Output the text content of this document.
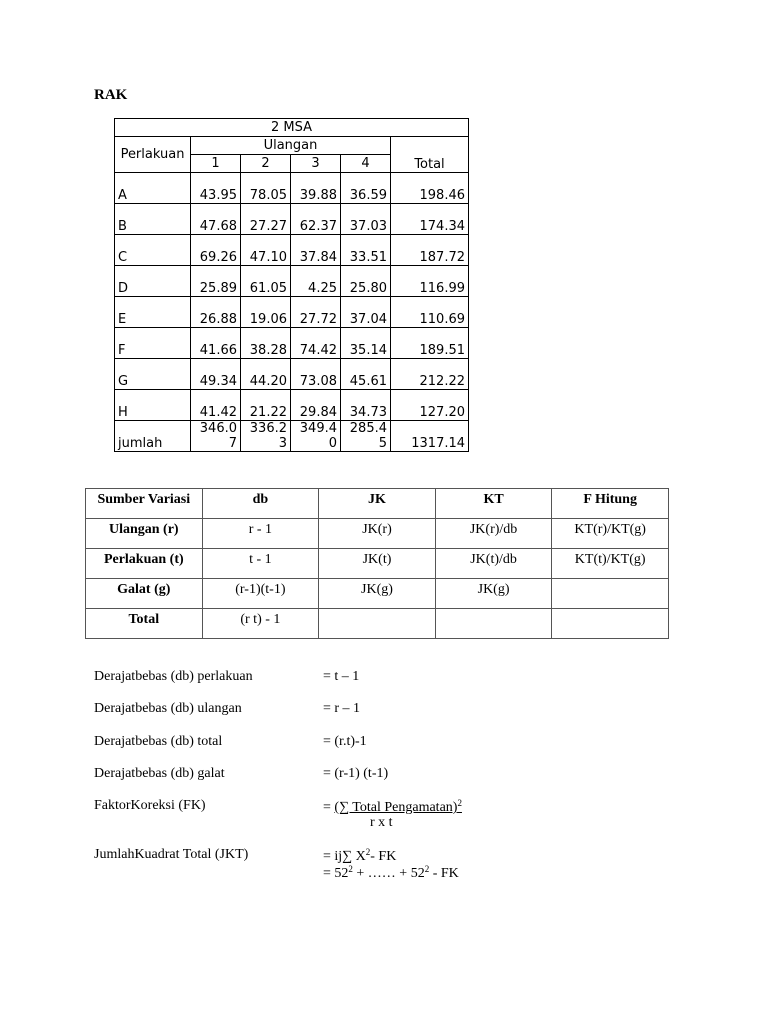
RAK
2 MSA					
Perlakuan	Ulangan				Total
	1	2	3	4	
A	43.95	78.05	39.88	36.59	198.46
B	47.68	27.27	62.37	37.03	174.34
C	69.26	47.10	37.84	33.51	187.72
D	25.89	61.05	4.25	25.80	116.99
E	26.88	19.06	27.72	37.04	110.69
F	41.66	38.28	74.42	35.14	189.51
G	49.34	44.20	73.08	45.61	212.22
H	41.42	21.22	29.84	34.73	127.20
jumlah	346.07	336.23	349.40	285.45	1317.14
Sumber Variasi	db	JK	KT	F Hitung
Ulangan (r)	r - 1	JK(r)	JK(r)/db	KT(r)/KT(g)
Perlakuan (t)	t - 1	JK(t)	JK(t)/db	KT(t)/KT(g)
Galat (g)	(r-1)(t-1)	JK(g)	JK(g)	
Total	(r t) - 1			
Derajatbebas (db) perlakuan	= t – 1
Derajatbebas (db) ulangan	= r – 1
Derajatbebas (db) total	= (r.t)-1
Derajatbebas (db) galat	= (r-1) (t-1)
FaktorKoreksi (FK)	= (∑ Total Pengamatan)$^2$
r x t
JumlahKuadrat Total (JKT)	= ij∑ $X^2-$ FK
= $52^2$ + …… + $52^2$ - FK
